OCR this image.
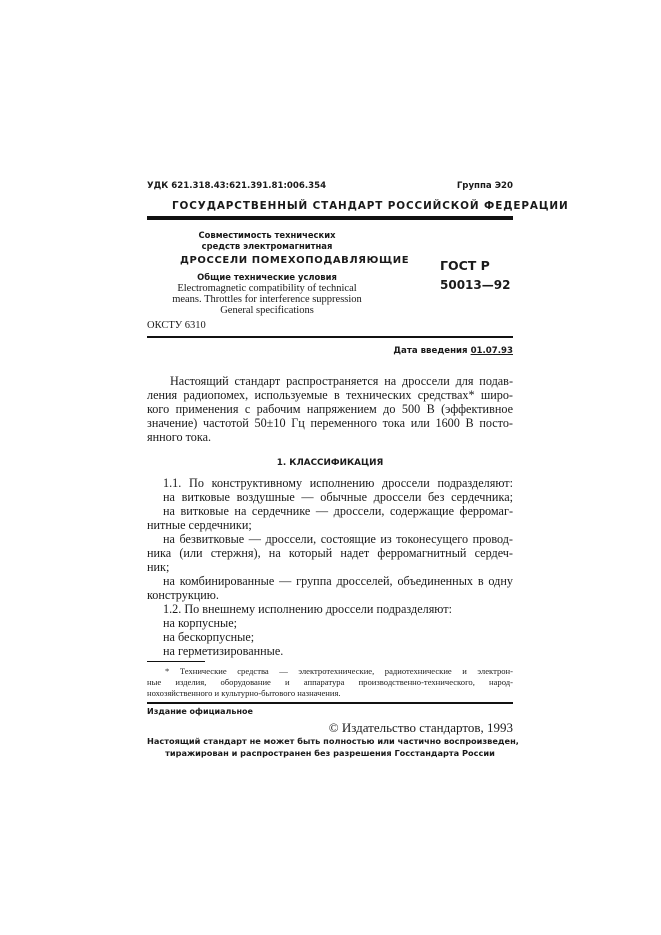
УДК 621.318.43:621.391.81:006.354	Группа Э20
ГОСУДАРСТВЕННЫЙ СТАНДАРТ РОССИЙСКОЙ ФЕДЕРАЦИИ
Совместимость технических
средств электромагнитная
ДРОССЕЛИ ПОМЕХОПОДАВЛЯЮЩИЕ
Общие технические условия
Electromagnetic compatibility of technical
means. Throttles for interference suppression
General specifications
ГОСТ Р
50013—92
ОКСТУ 6310
Дата введения 01.07.93
Настоящий стандарт распространяется на дроссели для подав-
ления радиопомех, используемые в технических средствах* широ-
кого применения с рабочим напряжением до 500 В (эффективное
значение) частотой 50±10 Гц переменного тока или 1600 В посто-
янного тока.
1. КЛАССИФИКАЦИЯ
1.1. По конструктивному исполнению дроссели подразделяют:
на витковые воздушные — обычные дроссели без сердечника;
на витковые на сердечнике — дроссели, содержащие ферромаг-
нитные сердечники;
на безвитковые — дроссели, состоящие из токонесущего провод-
ника (или стержня), на который надет ферромагнитный сердеч-
ник;
на комбинированные — группа дросселей, объединенных в одну
конструкцию.
1.2. По внешнему исполнению дроссели подразделяют:
на корпусные;
на бескорпусные;
на герметизированные.
* Технические средства — электротехнические, радиотехнические и электрон-
ные изделия, оборудование и аппаратура производственно-технического, народ-
нохозяйственного и культурно-бытового назначения.
Издание официальное
© Издательство стандартов, 1993
Настоящий стандарт не может быть полностью или частично воспроизведен,
тиражирован и распространен без разрешения Госстандарта России
